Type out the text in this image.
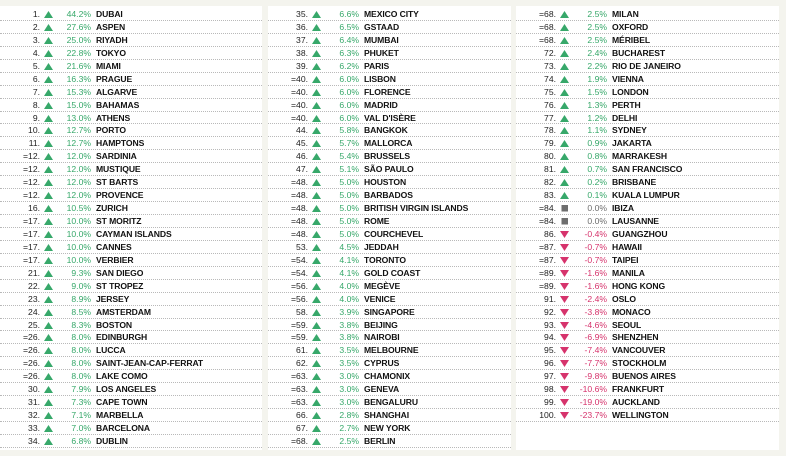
1.	44.2% DUBAI
2.	27.6% ASPEN
3.	25.0% RIYADH
4.	22.8% TOKYO
5.	21.6% MIAMI
6.	16.3% PRAGUE
7.	15.3% ALGARVE
8.	15.0% BAHAMAS
9.	13.0% ATHENS
10.	12.7% PORTO
11.	12.7% HAMPTONS
=12.	12.0% SARDINIA
=12.	12.0% MUSTIQUE
=12.	12.0% ST BARTS
=12.	12.0% PROVENCE
16.	10.5% ZURICH
=17.	10.0% ST MORITZ
=17.	10.0% CAYMAN ISLANDS
=17.	10.0% CANNES
=17.	10.0% VERBIER
21.	9.3% SAN DIEGO
22.	9.0% ST TROPEZ
23.	8.9% JERSEY
24.	8.5% AMSTERDAM
25.	8.3% BOSTON
=26.	8.0% EDINBURGH
=26.	8.0% LUCCA
=26.	8.0% SAINT-JEAN-CAP-FERRAT
=26.	8.0% LAKE COMO
30.	7.9% LOS ANGELES
31.	7.3% CAPE TOWN
32.	7.1% MARBELLA
33.	7.0% BARCELONA
34.	6.8% DUBLIN
35.	6.6% MEXICO CITY
36.	6.5% GSTAAD
37.	6.4% MUMBAI
38.	6.3% PHUKET
39.	6.2% PARIS
=40.	6.0% LISBON
=40.	6.0% FLORENCE
=40.	6.0% MADRID
=40.	6.0% VAL D'ISÈRE
44.	5.8% BANGKOK
45.	5.7% MALLORCA
46.	5.4% BRUSSELS
47.	5.1% SÃO PAULO
=48.	5.0% HOUSTON
=48.	5.0% BARBADOS
=48.	5.0% BRITISH VIRGIN ISLANDS
=48.	5.0% ROME
=48.	5.0% COURCHEVEL
53.	4.5% JEDDAH
=54.	4.1% TORONTO
=54.	4.1% GOLD COAST
=56.	4.0% MEGÈVE
=56.	4.0% VENICE
58.	3.9% SINGAPORE
=59.	3.8% BEIJING
=59.	3.8% NAIROBI
61.	3.5% MELBOURNE
62.	3.5% CYPRUS
=63.	3.0% CHAMONIX
=63.	3.0% GENEVA
=63.	3.0% BENGALURU
66.	2.8% SHANGHAI
67.	2.7% NEW YORK
=68.	2.5% BERLIN
=68.	2.5% MILAN
=68.	2.5% OXFORD
=68.	2.5% MÉRIBEL
72.	2.4% BUCHAREST
73.	2.2% RIO DE JANEIRO
74.	1.9% VIENNA
75.	1.5% LONDON
76.	1.3% PERTH
77.	1.2% DELHI
78.	1.1% SYDNEY
79.	0.9% JAKARTA
80.	0.8% MARRAKESH
81.	0.7% SAN FRANCISCO
82.	0.2% BRISBANE
83.	0.1% KUALA LUMPUR
=84.	0.0% IBIZA
=84.	0.0% LAUSANNE
86.	-0.4% GUANGZHOU
=87.	-0.7% HAWAII
=87.	-0.7% TAIPEI
=89.	-1.6% MANILA
=89.	-1.6% HONG KONG
91.	-2.4% OSLO
92.	-3.8% MONACO
93.	-4.6% SEOUL
94.	-6.9% SHENZHEN
95.	-7.4% VANCOUVER
96.	-7.7% STOCKHOLM
97.	-9.8% BUENOS AIRES
98.	-10.6% FRANKFURT
99.	-19.0% AUCKLAND
100.	-23.7% WELLINGTON
